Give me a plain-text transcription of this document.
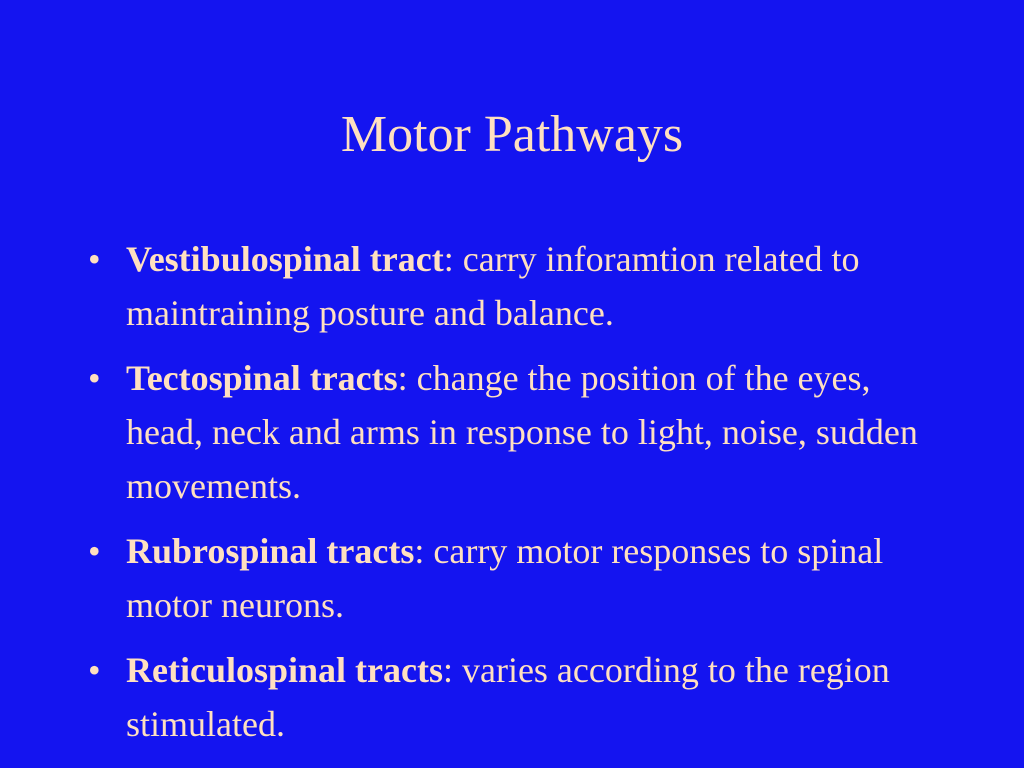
Motor Pathways
• Vestibulospinal tract: carry inforamtion related to maintraining posture and balance.
• Tectospinal tracts: change the position of the eyes, head, neck and arms in response to light, noise, sudden movements.
• Rubrospinal tracts: carry motor responses to spinal motor neurons.
• Reticulospinal tracts: varies according to the region stimulated.
